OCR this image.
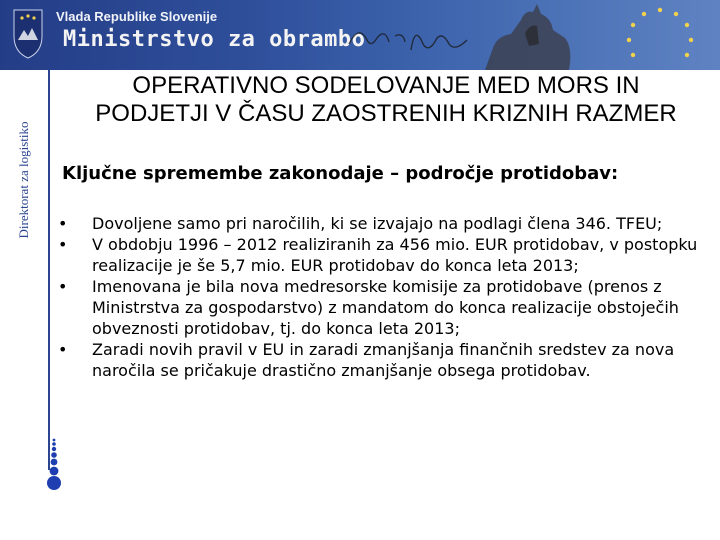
Vlada Republike Slovenije
Ministrstvo za obrambo
Direktorat za logistiko
OPERATIVNO SODELOVANJE MED MORS IN
PODJETJI V ČASU ZAOSTRENIH KRIZNIH RAZMER
Ključne spremembe zakonodaje – področje protidobav:
• Dovoljene samo pri naročilih, ki se izvajajo na podlagi člena 346. TFEU;
• V obdobju 1996 – 2012 realiziranih za 456 mio. EUR protidobav, v postopku realizacije je še 5,7 mio. EUR protidobav do konca leta 2013;
• Imenovana je bila nova medresorske komisije za protidobave (prenos z Ministrstva za gospodarstvo) z mandatom do konca realizacije obstoječih obveznosti protidobav, tj. do konca leta 2013;
• Zaradi novih pravil v EU in zaradi zmanjšanja finančnih sredstev za nova naročila se pričakuje drastično zmanjšanje obsega protidobav.
